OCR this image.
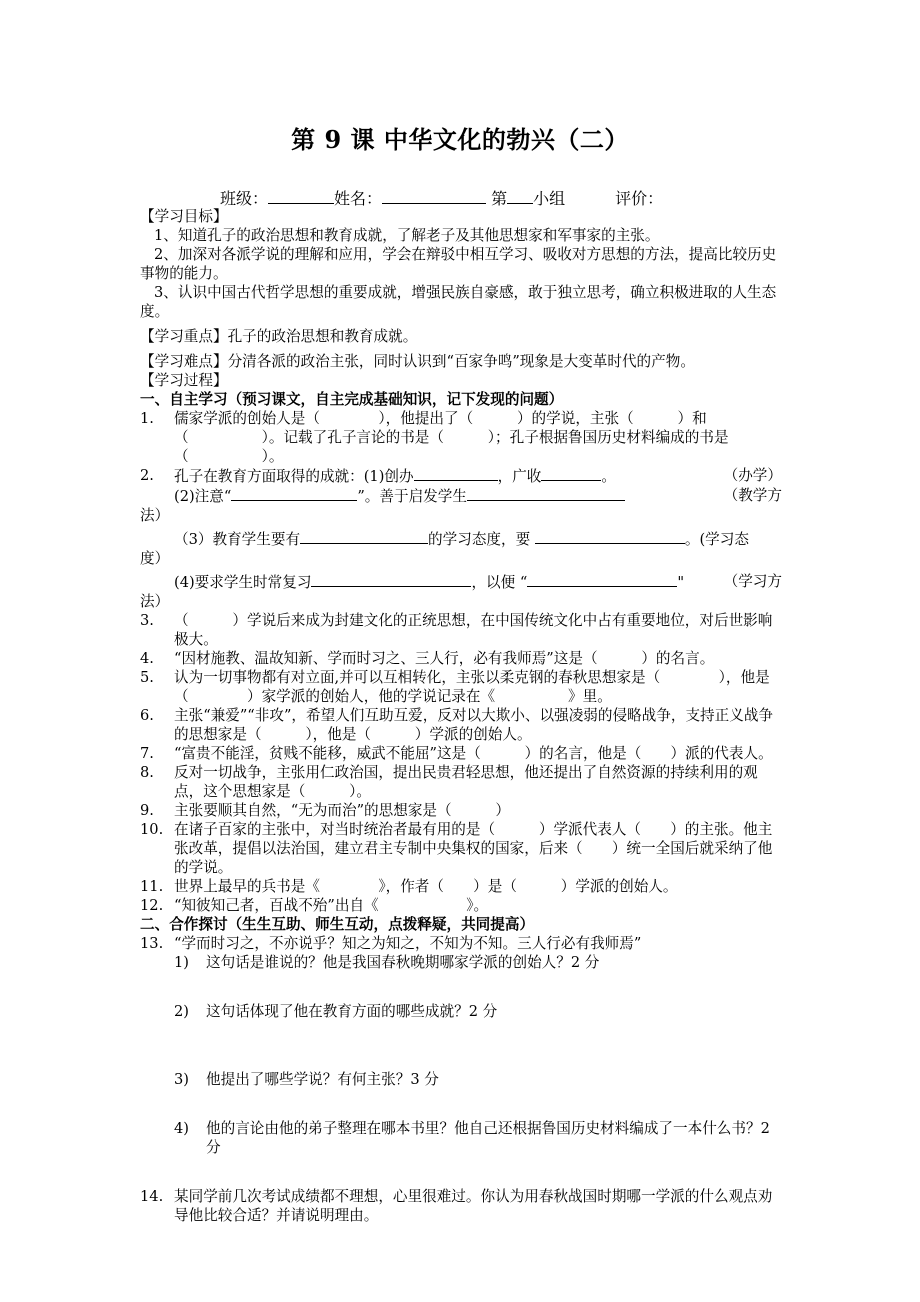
第 9 课 中华文化的勃兴（二）
班级：	姓名：	第 小组	评价：
【学习目标】
1、知道孔子的政治思想和教育成就，了解老子及其他思想家和军事家的主张。
2、加深对各派学说的理解和应用，学会在辩驳中相互学习、吸收对方思想的方法，提高比较历史事物的能力。
3、认识中国古代哲学思想的重要成就，增强民族自豪感，敢于独立思考，确立积极进取的人生态度。
【学习重点】孔子的政治思想和教育成就。
【学习难点】分清各派的政治主张，同时认识到“百家争鸣”现象是大变革时代的产物。
【学习过程】
一、自主学习（预习课文，自主完成基础知识，记下发现的问题）
1. 儒家学派的创始人是（　　　　），他提出了（　　　）的学说，主张（　　　）和（　　　　　）。记载了孔子言论的书是（　　　）；孔子根据鲁国历史材料编成的书是（　　　　　）。
2. 孔子在教育方面取得的成就：(1)创办	，广收	。	（办学）
(2)注意“	”。善于启发学生	（教学方
法）
（3）教育学生要有	的学习态度，要	。(学习态
度）
(4)要求学生时常复习	，以便 “	"	（学习方
法）
3. （　　　）学说后来成为封建文化的正统思想，在中国传统文化中占有重要地位，对后世影响极大。
4. “因材施教、温故知新、学而时习之、三人行，必有我师焉”这是（　　　）的名言。
5. 认为一切事物都有对立面,并可以互相转化，主张以柔克钢的春秋思想家是（　　　　），他是（　　　　）家学派的创始人，他的学说记录在《　　　　　》里。
6. 主张“兼爱”“非攻”，希望人们互助互爱，反对以大欺小、以强凌弱的侵略战争，支持正义战争的思想家是（　　　），他是（　　　）学派的创始人。
7. “富贵不能淫，贫贱不能移，威武不能屈”这是（　　　）的名言，他是（　　）派的代表人。
8. 反对一切战争，主张用仁政治国，提出民贵君轻思想，他还提出了自然资源的持续利用的观点，这个思想家是（　　　）。
9. 主张要顺其自然，“无为而治”的思想家是（　　　）
10. 在诸子百家的主张中，对当时统治者最有用的是（　　　）学派代表人（　　）的主张。他主张改革，提倡以法治国，建立君主专制中央集权的国家，后来（　　）统一全国后就采纳了他的学说。
11. 世界上最早的兵书是《　　　　》，作者（　　）是（　　　）学派的创始人。
12. “知彼知己者，百战不殆”出自《　　　　　　》。
二、合作探讨（生生互助、师生互动，点拨释疑，共同提高）
13. “学而时习之，不亦说乎？知之为知之，不知为不知。三人行必有我师焉”
1) 这句话是谁说的？他是我国春秋晚期哪家学派的创始人？2 分
2) 这句话体现了他在教育方面的哪些成就？2 分
3) 他提出了哪些学说？有何主张？3 分
4) 他的言论由他的弟子整理在哪本书里？他自己还根据鲁国历史材料编成了一本什么书？2 分
14. 某同学前几次考试成绩都不理想，心里很难过。你认为用春秋战国时期哪一学派的什么观点劝导他比较合适？并请说明理由。
